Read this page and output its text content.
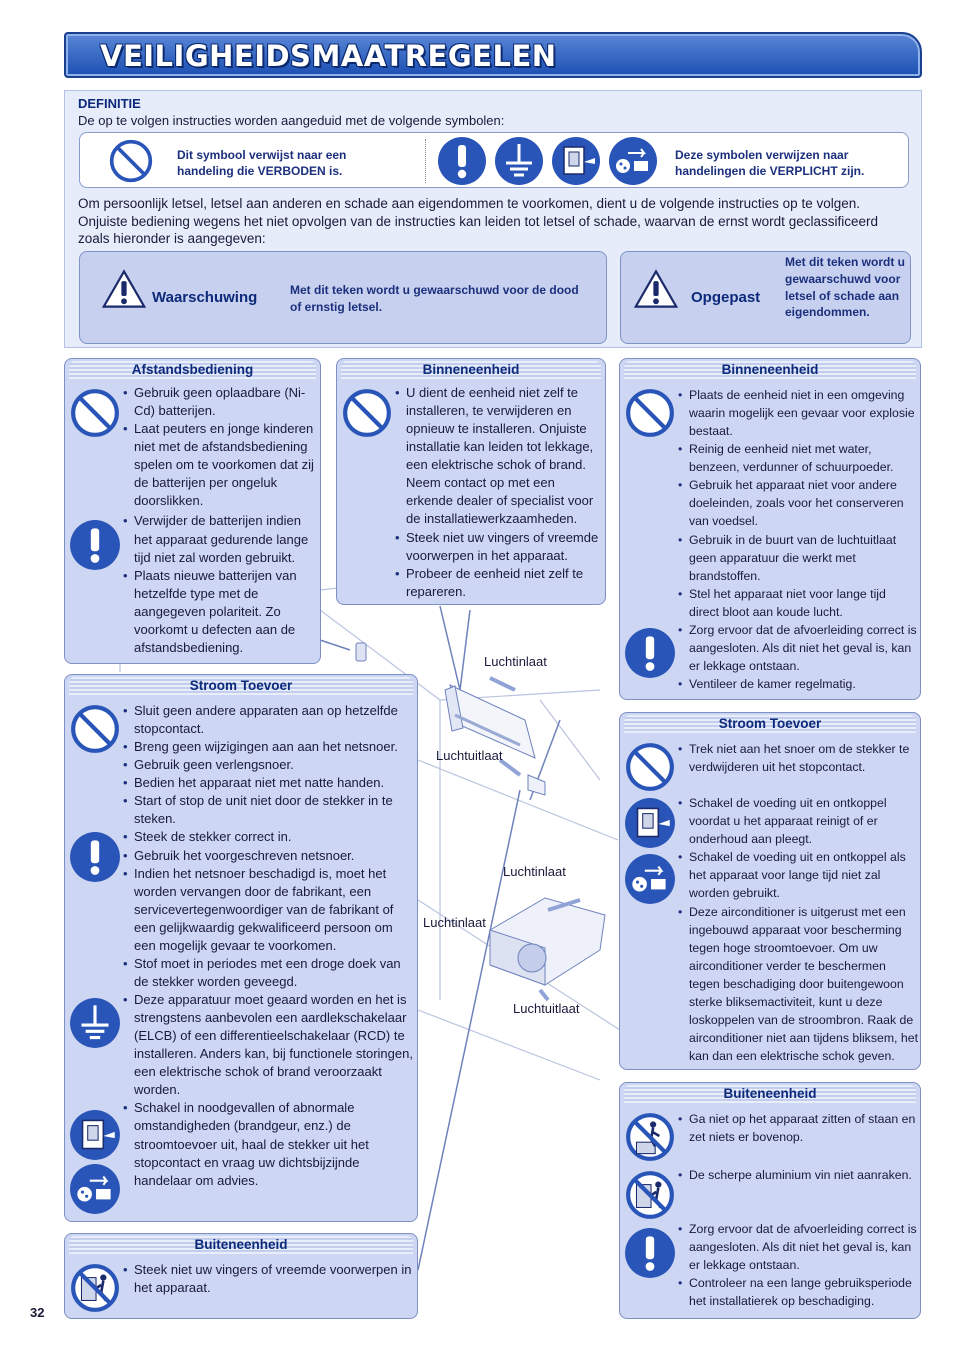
VEILIGHEIDSMAATREGELEN
DEFINITIE
De op te volgen instructies worden aangeduid met de volgende symbolen:
Dit symbool verwijst naar een handeling die VERBODEN is.
Deze symbolen verwijzen naar handelingen die VERPLICHT zijn.
Om persoonlijk letsel, letsel aan anderen en schade aan eigendommen te voorkomen, dient u de volgende instructies op te volgen. Onjuiste bediening wegens het niet opvolgen van de instructies kan leiden tot letsel of schade, waarvan de ernst wordt geclassificeerd zoals hieronder is aangegeven:
Waarschuwing	Met dit teken wordt u gewaarschuwd voor de dood of ernstig letsel.
Opgepast
Met dit teken wordt u gewaarschuwd voor letsel of schade aan eigendommen.
Luchtinlaat
Luchtuitlaat
Luchtinlaat
Luchtinlaat
Luchtuitlaat
Afstandsbediening
• Gebruik geen oplaadbare (Ni-Cd) batterijen.
• Laat peuters en jonge kinderen niet met de afstandsbediening spelen om te voorkomen dat zij de batterijen per ongeluk doorslikken.
• Verwijder de batterijen indien het apparaat gedurende lange tijd niet zal worden gebruikt.
• Plaats nieuwe batterijen van hetzelfde type met de aangegeven polariteit. Zo voorkomt u defecten aan de afstandsbediening.
Binneneenheid
• U dient de eenheid niet zelf te installeren, te verwijderen en opnieuw te installeren. Onjuiste installatie kan leiden tot lekkage, een elektrische schok of brand. Neem contact op met een erkende dealer of specialist voor de installatiewerkzaamheden.
• Steek niet uw vingers of vreemde voorwerpen in het apparaat.
• Probeer de eenheid niet zelf te repareren.
Binneneenheid
• Plaats de eenheid niet in een omgeving waarin mogelijk een gevaar voor explosie bestaat.
• Reinig de eenheid niet met water, benzeen, verdunner of schuurpoeder.
• Gebruik het apparaat niet voor andere doeleinden, zoals voor het conserveren van voedsel.
• Gebruik in de buurt van de luchtuitlaat geen apparatuur die werkt met brandstoffen.
• Stel het apparaat niet voor lange tijd direct bloot aan koude lucht.
• Zorg ervoor dat de afvoerleiding correct is aangesloten. Als dit niet het geval is, kan er lekkage ontstaan.
• Ventileer de kamer regelmatig.
Stroom Toevoer
• Sluit geen andere apparaten aan op hetzelfde stopcontact.
• Breng geen wijzigingen aan aan het netsnoer.
• Gebruik geen verlengsnoer.
• Bedien het apparaat niet met natte handen.
• Start of stop de unit niet door de stekker in te steken.
• Steek de stekker correct in.
• Gebruik het voorgeschreven netsnoer.
• Indien het netsnoer beschadigd is, moet het worden vervangen door de fabrikant, een servicevertegenwoordiger van de fabrikant of een gelijkwaardig gekwalificeerd persoon om een mogelijk gevaar te voorkomen.
• Stof moet in periodes met een droge doek van de stekker worden geveegd.
• Deze apparatuur moet geaard worden en het is strengstens aanbevolen een aardlekschakelaar (ELCB) of een differentieelschakelaar (RCD) te installeren. Anders kan, bij functionele storingen, een elektrische schok of brand veroorzaakt worden.
• Schakel in noodgevallen of abnormale omstandigheden (brandgeur, enz.) de stroomtoevoer uit, haal de stekker uit het stopcontact en vraag uw dichtsbijzijnde handelaar om advies.
Stroom Toevoer
• Trek niet aan het snoer om de stekker te verdwijderen uit het stopcontact.
• Schakel de voeding uit en ontkoppel voordat u het apparaat reinigt of er onderhoud aan pleegt.
• Schakel de voeding uit en ontkoppel als het apparaat voor lange tijd niet zal worden gebruikt.
• Deze airconditioner is uitgerust met een ingebouwd apparaat voor bescherming tegen hoge stroomtoevoer. Om uw airconditioner verder te beschermen tegen beschadiging door buitengewoon sterke bliksemactiviteit, kunt u deze loskoppelen van de stroombron. Raak de airconditioner niet aan tijdens bliksem, het kan dan een elektrische schok geven.
Buiteneenheid
• Steek niet uw vingers of vreemde voorwerpen in het apparaat.
Buiteneenheid
• Ga niet op het apparaat zitten of staan en zet niets er bovenop.
• De scherpe aluminium vin niet aanraken.
• Zorg ervoor dat de afvoerleiding correct is aangesloten. Als dit niet het geval is, kan er lekkage ontstaan.
• Controleer na een lange gebruiksperiode het installatierek op beschadiging.
32
